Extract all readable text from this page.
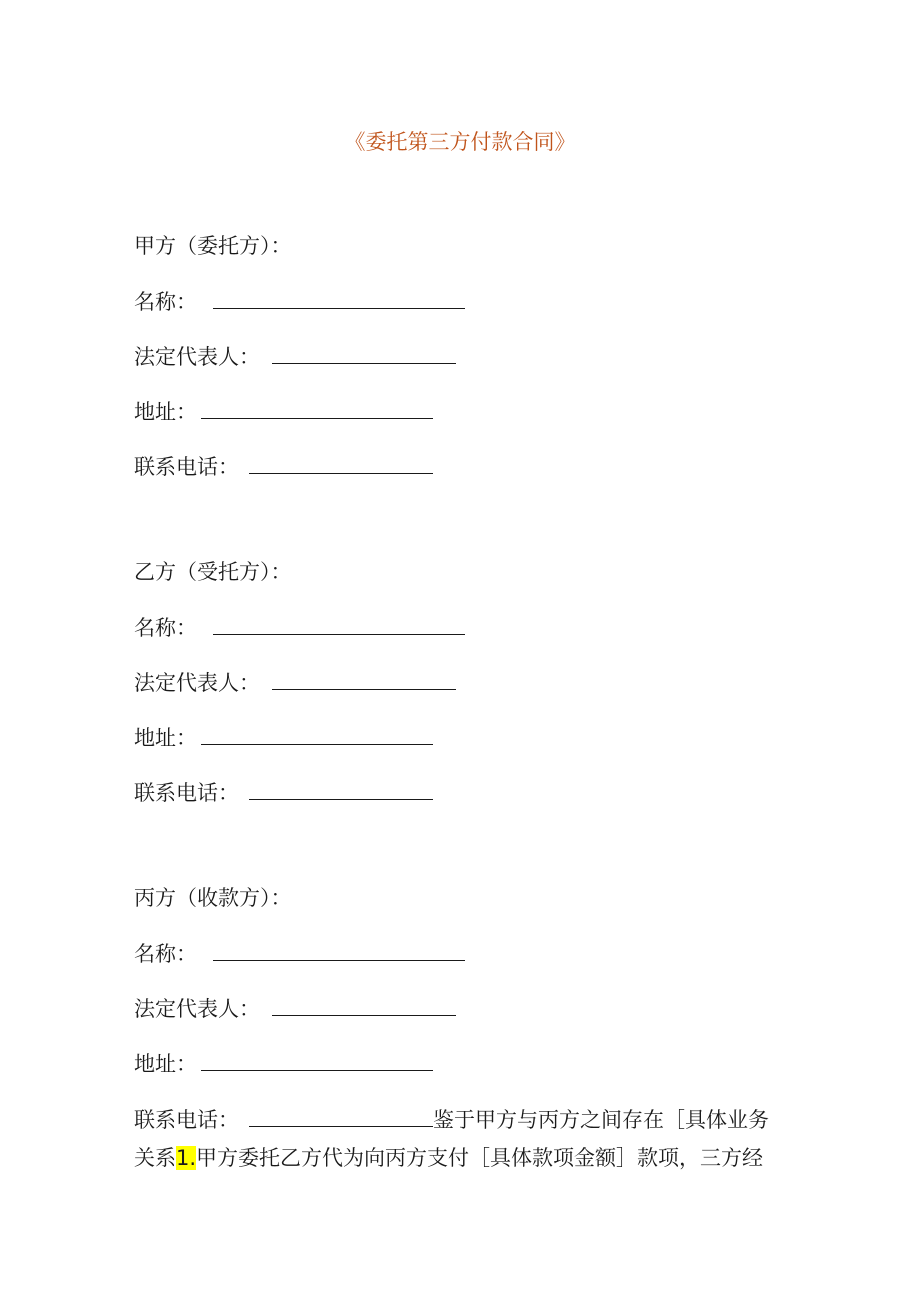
《委托第三方付款合同》
甲方（委托方）：
名称：
法定代表人：
地址：
联系电话：
乙方（受托方）：
名称：
法定代表人：
地址：
联系电话：
丙方（收款方）：
名称：
法定代表人：
地址：
联系电话：	鉴于甲方与丙方之间存在［具体业务
关系1.甲方委托乙方代为向丙方支付［具体款项金额］款项，三方经
